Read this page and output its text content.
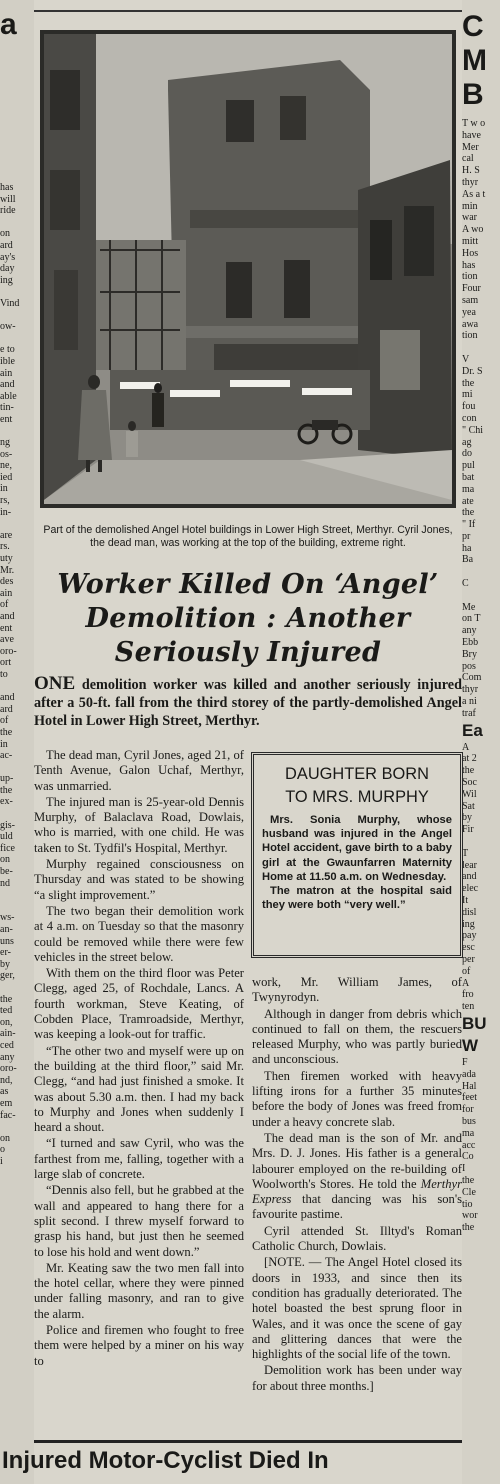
a
has
will
ride

on
ard
ay's
day
ing

Vind

ow-

e to
ible
ain
and
able
tin-
ent

ng
os-
ne,
ied
in
rs,
in-

are
rs.
uty
Mr.
des
ain
of
and
ent
ave
oro-
ort
to

and
ard
of
the
in
ac-

up-
the
ex-

gis-
uld
fice
on
be-
nd

ws-
an-
uns
er-
by
ger,

the
ted
on,
ain-
ced
any
oro-
nd,
as
em
fac-

on
o
i
C
M
B
T w o
have
Mer
cal
H. S
thyr
As a t
min
war
A wo
mitt
Hos
has
tion
Four
sam
yea
awa
tion

V
Dr. S
the
mi
fou
con
" Chi
ag
do
pul
bat
ma
ate
the
" If
pr
ha
Ba

C

Me
on T
any
Ebb
Bry
pos
Com
thyr
a ni
traf
Ea
A
at 2
the
Soc
Wil
Sat
by
Fir

T
lear
and
elec
It
disl
ing
pay
esc
per
of
A
fro
ten
BU
W
F
ada
Hal
feet
for
bus
ma
acc
Co
I
the
Cle
tio
wor
the
Part of the demolished Angel Hotel buildings in Lower High Street, Merthyr. Cyril Jones, the dead man, was working at the top of the building, extreme right.
Worker Killed On ‘Angel’
Demolition : Another
Seriously Injured
ONE demolition worker was killed and another seriously injured after a 50-ft. fall from the third storey of the partly-demolished Angel Hotel in Lower High Street, Merthyr.

The dead man, Cyril Jones, aged 21, of Tenth Avenue, Galon Uchaf, Merthyr, was unmarried.

The injured man is 25-year-old Dennis Murphy, of Balaclava Road, Dowlais, who is married, with one child. He was taken to St. Tydfil's Hospital, Merthyr.

Murphy regained consciousness on Thursday and was stated to be showing “a slight improvement.”

The two began their demolition work at 4 a.m. on Tuesday so that the masonry could be removed while there were few vehicles in the street below.

With them on the third floor was Peter Clegg, aged 25, of Rochdale, Lancs. A fourth workman, Steve Keating, of Cobden Place, Tramroadside, Merthyr, was keeping a look-out for traffic.

“The other two and myself were up on the building at the third floor,” said Mr. Clegg, “and had just finished a smoke. It was about 5.30 a.m. then. I had my back to Murphy and Jones when suddenly I heard a shout.

“I turned and saw Cyril, who was the farthest from me, falling, together with a large slab of concrete.

“Dennis also fell, but he grabbed at the wall and appeared to hang there for a split second. I threw myself forward to grasp his hand, but just then he seemed to lose his hold and went down.”

Mr. Keating saw the two men fall into the hotel cellar, where they were pinned under falling masonry, and ran to give the alarm.

Police and firemen who fought to free them were helped by a miner on his way to

DAUGHTER BORN
TO MRS. MURPHY
Mrs. Sonia Murphy, whose husband was injured in the Angel Hotel accident, gave birth to a baby girl at the Gwaunfarren Maternity Home at 11.50 a.m. on Wednesday.
The matron at the hospital said they were both “very well.”

work, Mr. William James, of Twynyrodyn.

Although in danger from debris which continued to fall on them, the rescuers released Murphy, who was partly buried and unconscious.

Then firemen worked with heavy lifting irons for a further 35 minutes before the body of Jones was freed from under a heavy concrete slab.

The dead man is the son of Mr. and Mrs. D. J. Jones. His father is a general labourer employed on the re-building of Woolworth's Stores. He told the Merthyr Express that dancing was his son's favourite pastime.

Cyril attended St. Illtyd's Roman Catholic Church, Dowlais.

[NOTE. — The Angel Hotel closed its doors in 1933, and since then its condition has gradually deteriorated. The hotel boasted the best sprung floor in Wales, and it was once the scene of gay and glittering dances that were the highlights of the social life of the town.

Demolition work has been under way for about three months.]

Injured Motor-Cyclist Died In
